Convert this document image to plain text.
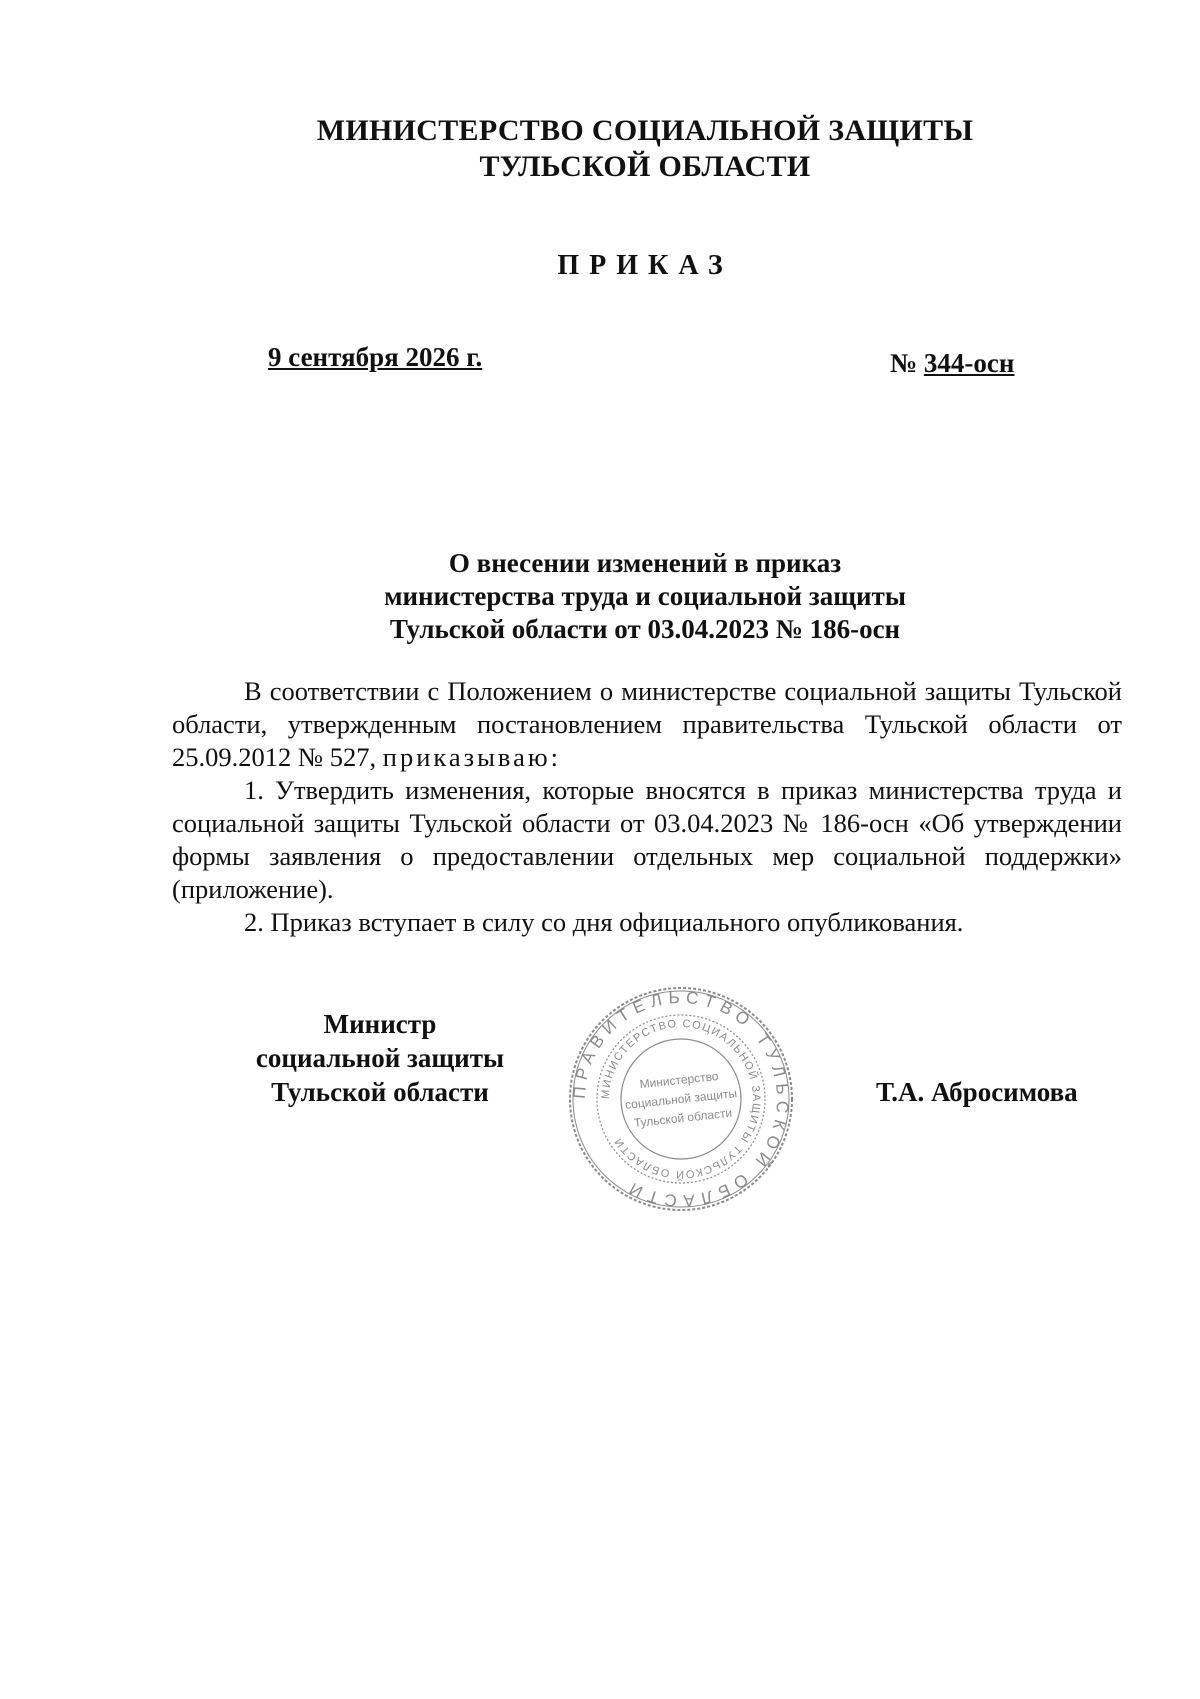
МИНИСТЕРСТВО СОЦИАЛЬНОЙ ЗАЩИТЫ
ТУЛЬСКОЙ ОБЛАСТИ
ПРИКАЗ
9 сентября 2026 г.	№ 344-осн
О внесении изменений в приказ
министерства труда и социальной защиты
Тульской области от 03.04.2023 № 186-осн

В соответствии с Положением о министерстве социальной защиты Тульской области, утвержденным постановлением правительства Тульской области от 25.09.2012 № 527, приказываю:

1. Утвердить изменения, которые вносятся в приказ министерства труда и социальной защиты Тульской области от 03.04.2023 № 186-осн «Об утверждении формы заявления о предоставлении отдельных мер социальной поддержки» (приложение).

2. Приказ вступает в силу со дня официального опубликования.

Министр
социальной защиты
Тульской области	Т.А. Абросимова
ПРАВИТЕЛЬСТВО ТУЛЬСКОЙ ОБЛАСТИ
МИНИСТЕРСТВО СОЦИАЛЬНОЙ ЗАЩИТЫ ТУЛЬСКОЙ ОБЛАСТИ
Министерство
социальной защиты
Тульской области
